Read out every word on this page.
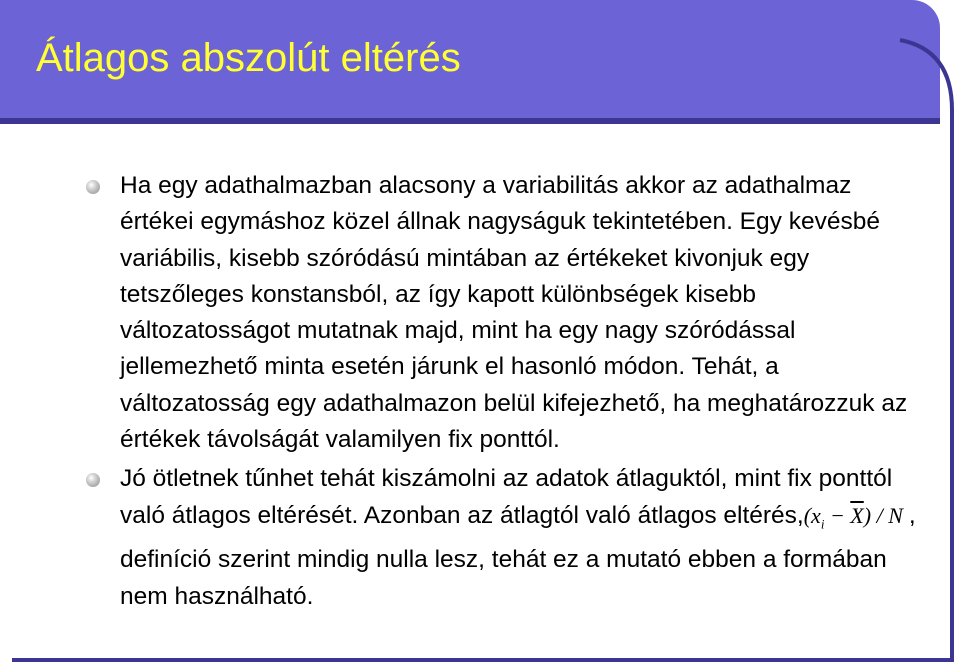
Átlagos abszolút eltérés
Ha egy adathalmazban alacsony a variabilitás akkor az adathalmaz értékei egymáshoz közel állnak nagyságuk tekintetében. Egy kevésbé variábilis, kisebb szóródású mintában az értékeket kivonjuk egy tetszőleges konstansból, az így kapott különbségek kisebb változatosságot mutatnak majd, mint ha egy nagy szóródással jellemezhető minta esetén járunk el hasonló módon. Tehát, a változatosság egy adathalmazon belül kifejezhető, ha meghatározzuk az értékek távolságát valamilyen fix ponttól.
Jó ötletnek tűnhet tehát kiszámolni az adatok átlaguktól, mint fix ponttól való átlagos eltérését. Azonban az átlagtól való átlagos $eltérés,(x_i - \overline{X}) / N$ , definíció szerint mindig nulla lesz, tehát ez a mutató ebben a formában nem használható.
